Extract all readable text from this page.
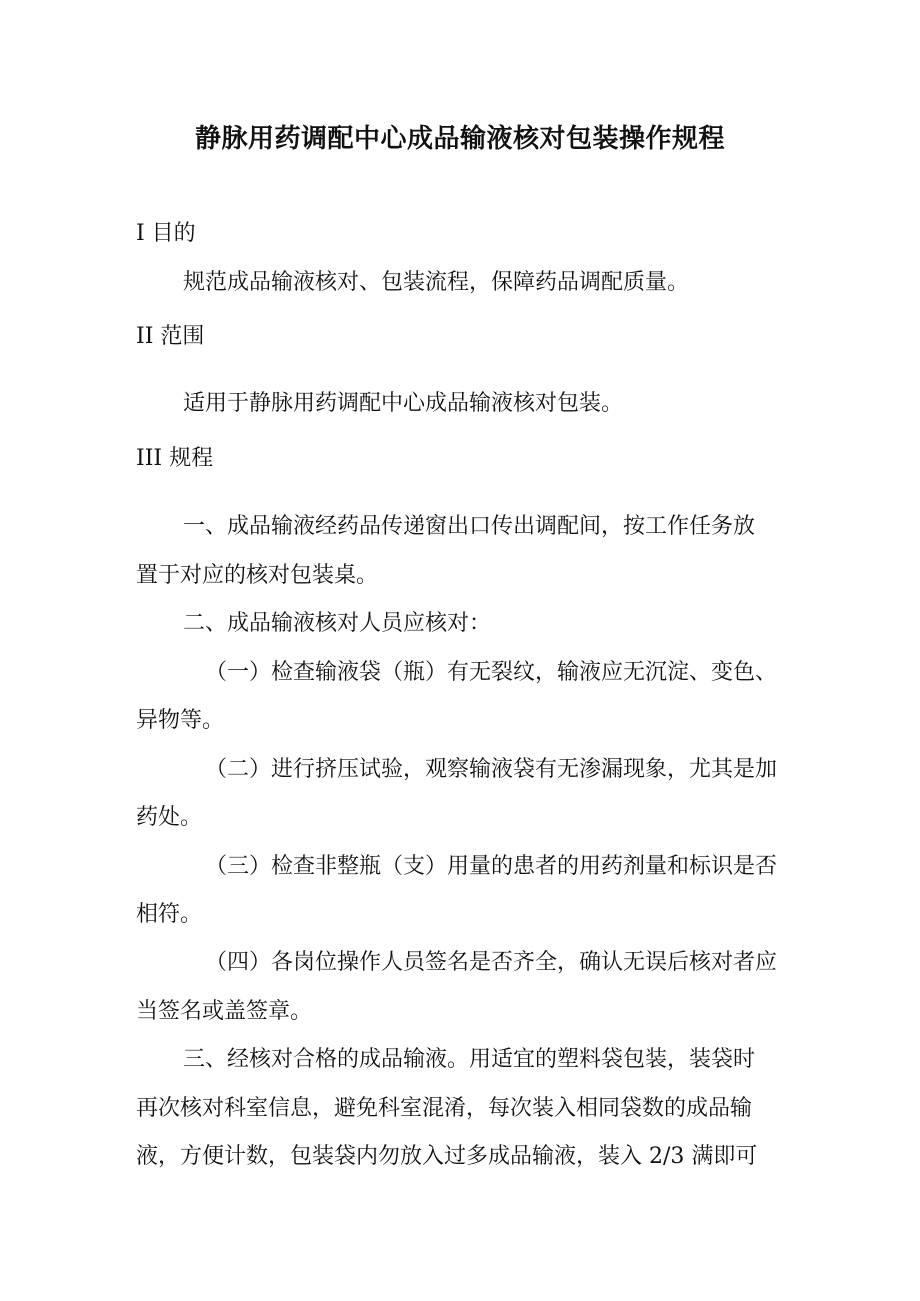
静脉用药调配中心成品输液核对包装操作规程

I 目的

规范成品输液核对、包装流程，保障药品调配质量。

II 范围

适用于静脉用药调配中心成品输液核对包装。

III 规程

一、成品输液经药品传递窗出口传出调配间，按工作任务放

置于对应的核对包装桌。

二、成品输液核对人员应核对：

（一）检查输液袋（瓶）有无裂纹，输液应无沉淀、变色、

异物等。

（二）进行挤压试验，观察输液袋有无渗漏现象，尤其是加

药处。

（三）检查非整瓶（支）用量的患者的用药剂量和标识是否

相符。

（四）各岗位操作人员签名是否齐全，确认无误后核对者应

当签名或盖签章。

三、经核对合格的成品输液。用适宜的塑料袋包装，装袋时

再次核对科室信息，避免科室混淆，每次装入相同袋数的成品输

液，方便计数，包装袋内勿放入过多成品输液，装入 2/3 满即可
